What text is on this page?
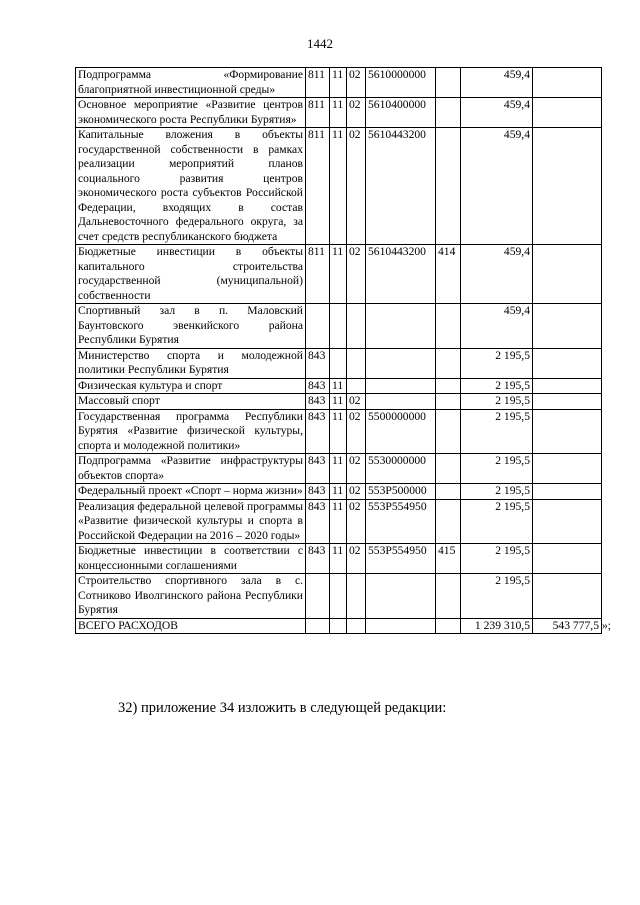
1442
Подпрограмма «Формирование благоприятной инвестиционной среды»	811	11	02	5610000000		459,4	
Основное мероприятие «Развитие центров экономического роста Республики Бурятия»	811	11	02	5610400000		459,4	
Капитальные вложения в объекты государственной собственности в рамках реализации мероприятий планов социального развития центров экономического роста субъектов Российской Федерации, входящих в состав Дальневосточного федерального округа, за счет средств республиканского бюджета	811	11	02	5610443200		459,4	
Бюджетные инвестиции в объекты капитального строительства государственной (муниципальной) собственности	811	11	02	5610443200	414	459,4	
Спортивный зал в п. Маловский Баунтовского эвенкийского района Республики Бурятия						459,4	
Министерство спорта и молодежной политики Республики Бурятия	843					2 195,5	
Физическая культура и спорт	843	11				2 195,5	
Массовый спорт	843	11	02			2 195,5	
Государственная программа Республики Бурятия «Развитие физической культуры, спорта и молодежной политики»	843	11	02	5500000000		2 195,5	
Подпрограмма «Развитие инфраструктуры объектов спорта»	843	11	02	5530000000		2 195,5	
Федеральный проект «Спорт – норма жизни»	843	11	02	553P500000		2 195,5	
Реализация федеральной целевой программы «Развитие физической культуры и спорта в Российской Федерации на 2016 – 2020 годы»	843	11	02	553P554950		2 195,5	
Бюджетные инвестиции в соответствии с концессионными соглашениями	843	11	02	553P554950	415	2 195,5	
Строительство спортивного зала в с. Сотниково Иволгинского района Республики Бурятия						2 195,5	
ВСЕГО РАСХОДОВ						1 239 310,5	543 777,5 »;
32) приложение 34 изложить в следующей редакции:
